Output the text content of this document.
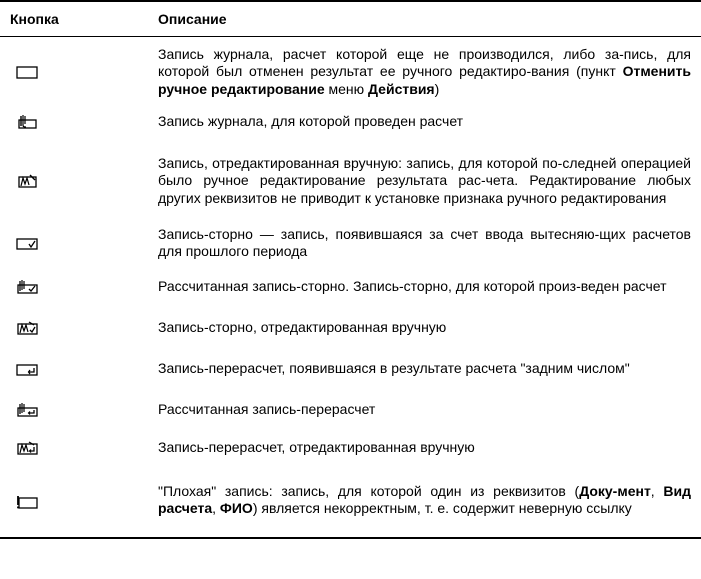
Кнопка	Описание

	Запись журнала, расчет которой еще не производился, либо за-пись, для которой был отменен результат ее ручного редактиро-вания (пункт Отменить ручное редактирование меню Действия)

	Запись журнала, для которой проведен расчет

	Запись, отредактированная вручную: запись, для которой по-следней операцией было ручное редактирование результата рас-чета. Редактирование любых других реквизитов не приводит к установке признака ручного редактирования

	Запись-сторно — запись, появившаяся за счет ввода вытесняю-щих расчетов для прошлого периода

	Рассчитанная запись-сторно. Запись-сторно, для которой произ-веден расчет

	Запись-сторно, отредактированная вручную

	Запись-перерасчет, появившаяся в результате расчета "задним числом"

	Рассчитанная запись-перерасчет

	Запись-перерасчет, отредактированная вручную

	"Плохая" запись: запись, для которой один из реквизитов (Доку-мент, Вид расчета, ФИО) является некорректным, т. е. содержит неверную ссылку
